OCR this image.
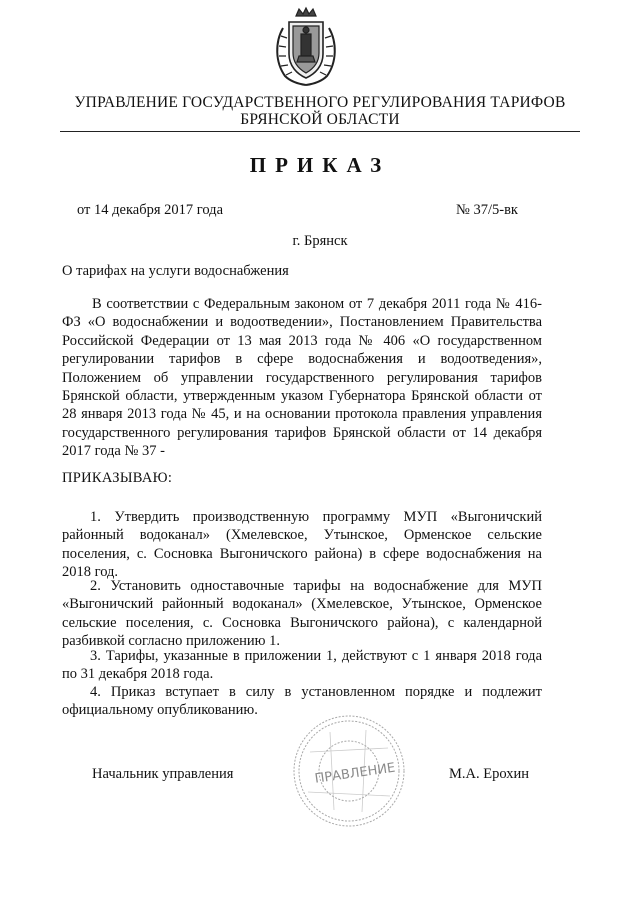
УПРАВЛЕНИЕ ГОСУДАРСТВЕННОГО РЕГУЛИРОВАНИЯ ТАРИФОВ
БРЯНСКОЙ ОБЛАСТИ
ПРИКАЗ
от 14 декабря 2017 года	№ 37/5-вк
г. Брянск
О тарифах на услуги водоснабжения
В соответствии с Федеральным законом от 7 декабря 2011 года № 416-ФЗ «О водоснабжении и водоотведении», Постановлением Правительства Российской Федерации от 13 мая 2013 года № 406 «О государственном регулировании тарифов в сфере водоснабжения и водоотведения», Положением об управлении государственного регулирования тарифов Брянской области, утвержденным указом Губернатора Брянской области от 28 января 2013 года № 45, и на основании протокола правления управления государственного регулирования тарифов Брянской области от 14 декабря 2017 года № 37 -
ПРИКАЗЫВАЮ:
1. Утвердить производственную программу МУП «Выгоничский районный водоканал» (Хмелевское, Утынское, Орменское сельские поселения, с. Сосновка Выгоничского района) в сфере водоснабжения на 2018 год.
2. Установить одноставочные тарифы на водоснабжение для МУП «Выгоничский районный водоканал» (Хмелевское, Утынское, Орменское сельские поселения, с. Сосновка Выгоничского района), с календарной разбивкой согласно приложению 1.
3. Тарифы, указанные в приложении 1, действуют с 1 января 2018 года по 31 декабря 2018 года.
4. Приказ вступает в силу в установленном порядке и подлежит официальному опубликованию.
ПРАВЛЕНИЕ
Начальник управления	М.А. Ерохин
